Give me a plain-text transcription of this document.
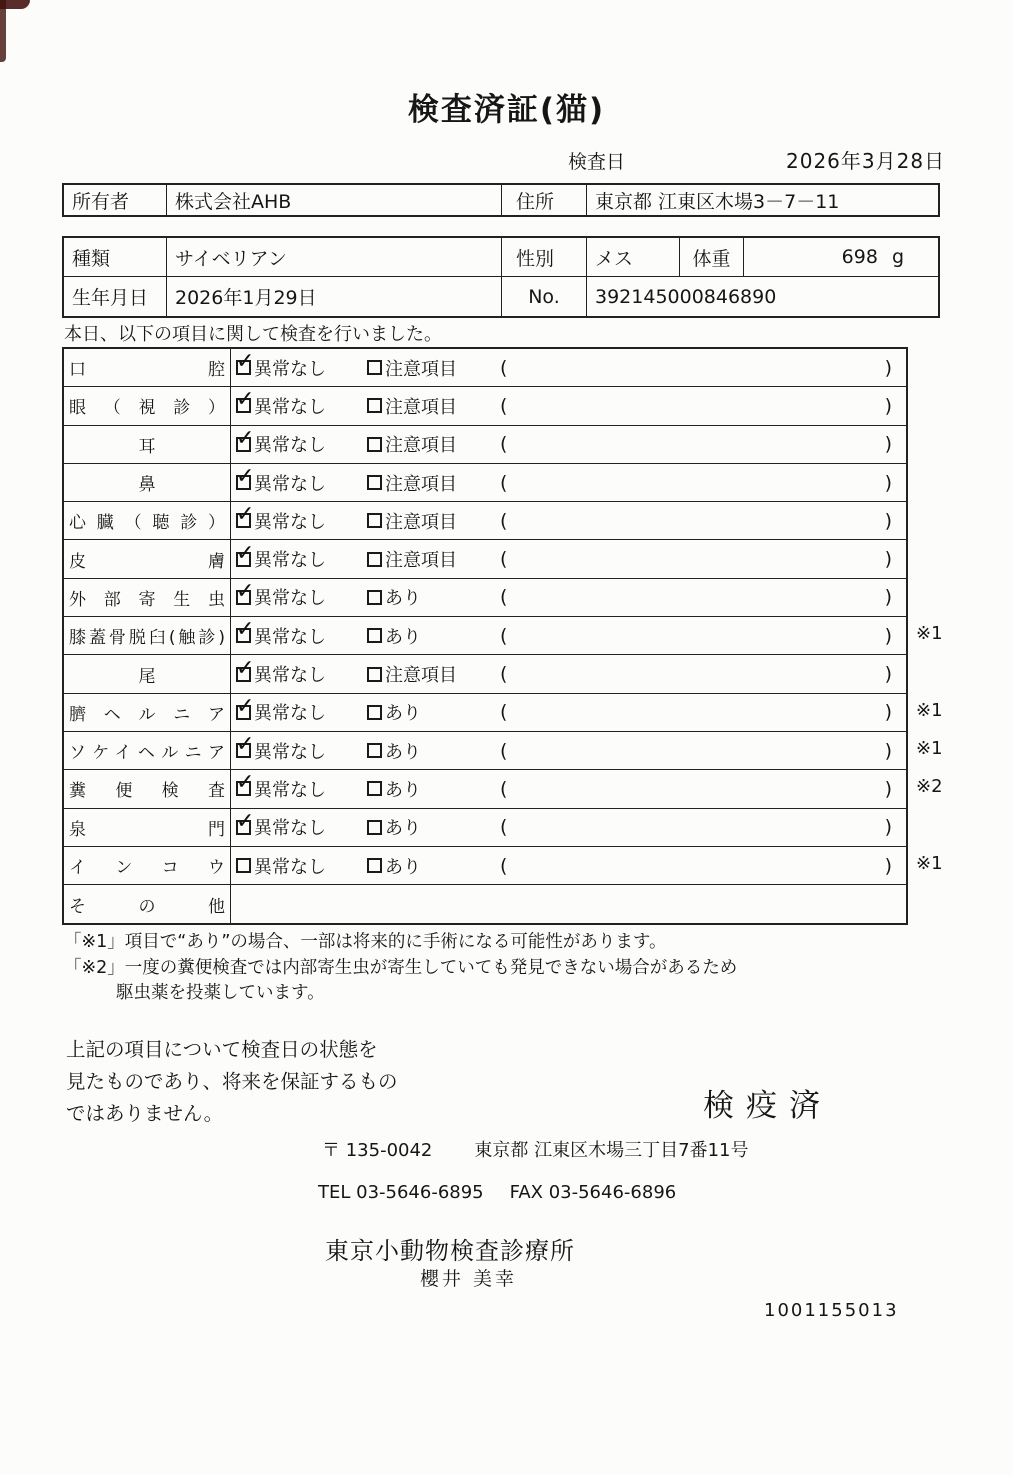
検査済証(猫)
検査日	2026年3月28日
所有者	株式会社AHB	住所	東京都 江東区木場3－7－11
種類	サイベリアン	性別	メス	体重	698 g
生年月日	2026年1月29日	No.	392145000846890
本日、以下の項目に関して検査を行いました。
口腔 ✓ 異常なし	注意項目 (	)
眼（視診） ✓ 異常なし	注意項目 (	)
耳	✓ 異常なし	注意項目 (	)
鼻	✓ 異常なし	注意項目 (	)
心臓（聴診） ✓ 異常なし	注意項目 (	)
皮膚 ✓ 異常なし	注意項目 (	)
外部寄生虫 ✓ 異常なし	あり	(	)
膝蓋骨脱臼(触診) ✓ 異常なし	あり	(	) ※1
尾	✓ 異常なし	注意項目 (	)
臍ヘルニア ✓ 異常なし	あり	(	) ※1
ソケイヘルニア ✓ 異常なし	あり	(	) ※1
糞便検査 ✓ 異常なし	あり	(	) ※2
泉門 ✓ 異常なし	あり	(	)
インコウ 異常なし	あり	(	) ※1
その他
「※1」項目で“あり”の場合、一部は将来的に手術になる可能性があります。
「※2」一度の糞便検査では内部寄生虫が寄生していても発見できない場合があるため
駆虫薬を投薬しています。
上記の項目について検査日の状態を
見たものであり、将来を保証するもの
ではありません。	検疫済
〒 135-0042 東京都 江東区木場三丁目7番11号
TEL 03-5646-6895 FAX 03-5646-6896
東京小動物検査診療所
櫻井 美幸
1001155013
